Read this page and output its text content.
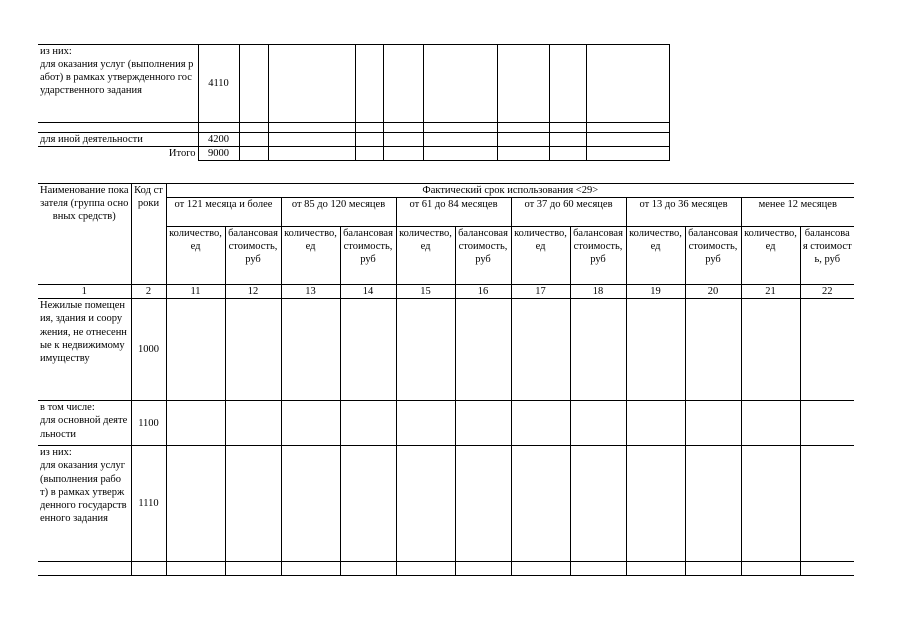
из них:
для оказания услуг (выполнения работ) в рамках утвержденного государственного задания	4110								

для иной деятельности	4200								
Итого	9000								
Наименование показателя (группа основных средств)	Код строки	Фактический срок использования <29>											
		от 121 месяца и более		от 85 до 120 месяцев		от 61 до 84 месяцев		от 37 до 60 месяцев		от 13 до 36 месяцев		менее 12 месяцев	
		количество, ед	балансовая стоимость, руб	количество, ед	балансовая стоимость, руб	количество, ед	балансовая стоимость, руб	количество, ед	балансовая стоимость, руб	количество, ед	балансовая стоимость, руб	количество, ед	балансовая стоимость, руб
1	2	11	12	13	14	15	16	17	18	19	20	21	22
Нежилые помещения, здания и сооружения, не отнесенные к недвижимому имуществу	1000												
в том числе:
для основной деятельности	1100												
из них:
для оказания услуг (выполнения работ) в рамках утвержденного государственного задания	1110												
